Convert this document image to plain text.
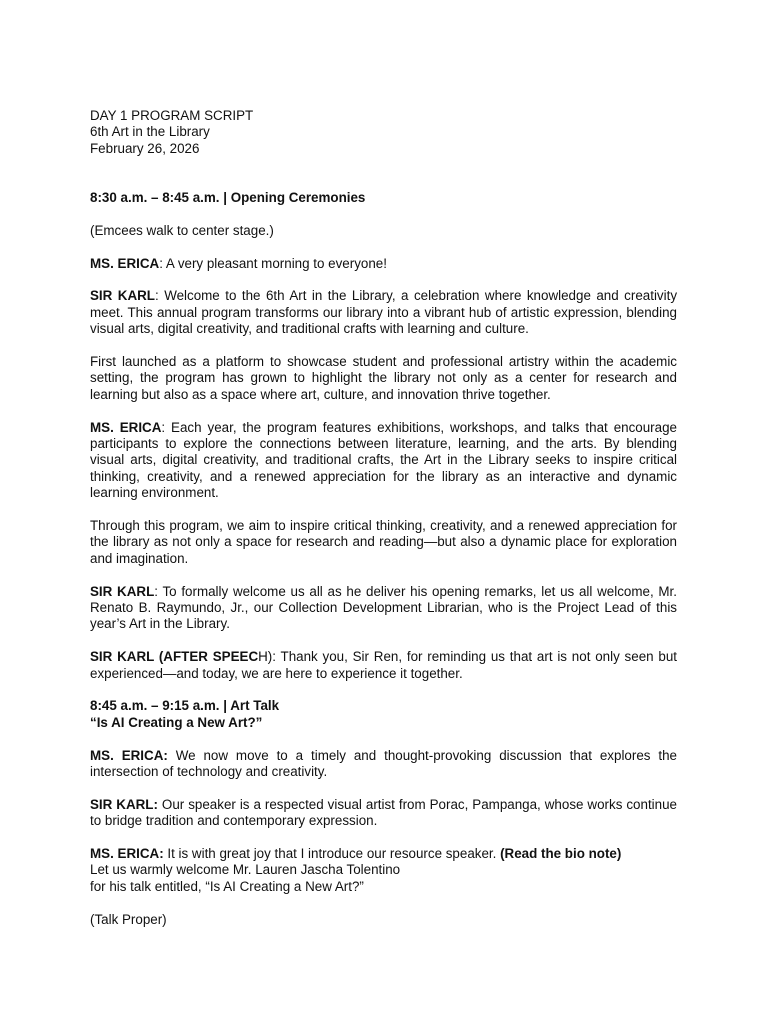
DAY 1 PROGRAM SCRIPT

6th Art in the Library

February 26, 2026

8:30 a.m. – 8:45 a.m. | Opening Ceremonies

(Emcees walk to center stage.)

MS. ERICA: A very pleasant morning to everyone!

SIR KARL: Welcome to the 6th Art in the Library, a celebration where knowledge and creativity meet. This annual program transforms our library into a vibrant hub of artistic expression, blending visual arts, digital creativity, and traditional crafts with learning and culture.

First launched as a platform to showcase student and professional artistry within the academic setting, the program has grown to highlight the library not only as a center for research and learning but also as a space where art, culture, and innovation thrive together.

MS. ERICA: Each year, the program features exhibitions, workshops, and talks that encourage participants to explore the connections between literature, learning, and the arts. By blending visual arts, digital creativity, and traditional crafts, the Art in the Library seeks to inspire critical thinking, creativity, and a renewed appreciation for the library as an interactive and dynamic learning environment.

Through this program, we aim to inspire critical thinking, creativity, and a renewed appreciation for the library as not only a space for research and reading—but also a dynamic place for exploration and imagination.

SIR KARL: To formally welcome us all as he deliver his opening remarks, let us all welcome, Mr. Renato B. Raymundo, Jr., our Collection Development Librarian, who is the Project Lead of this year’s Art in the Library.

SIR KARL (AFTER SPEECH): Thank you, Sir Ren, for reminding us that art is not only seen but experienced—and today, we are here to experience it together.

8:45 a.m. – 9:15 a.m. | Art Talk
“Is AI Creating a New Art?”

MS. ERICA: We now move to a timely and thought-provoking discussion that explores the intersection of technology and creativity.

SIR KARL: Our speaker is a respected visual artist from Porac, Pampanga, whose works continue to bridge tradition and contemporary expression.

MS. ERICA: It is with great joy that I introduce our resource speaker. (Read the bio note)
Let us warmly welcome Mr. Lauren Jascha Tolentino
for his talk entitled, “Is AI Creating a New Art?”

(Talk Proper)
